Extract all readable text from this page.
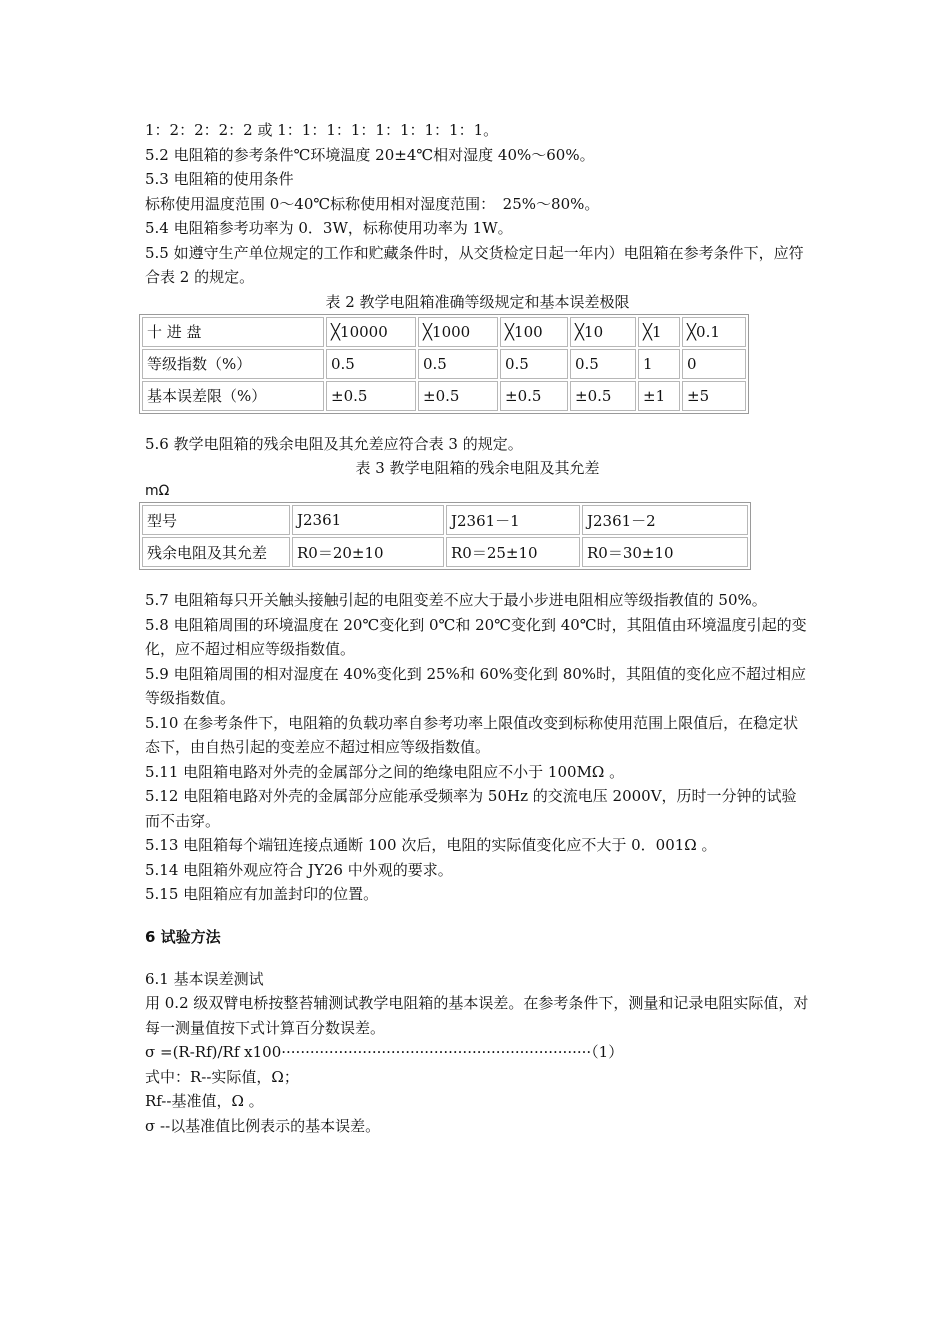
1：2：2：2：2 或 1：1：1：1：1：1：1：1：1。
5.2 电阻箱的参考条件℃环境温度 20±4℃相对湿度 40%～60%。
5.3 电阻箱的使用条件
标称使用温度范围 0～40℃标称使用相对湿度范围：　25%～80%。
5.4 电阻箱参考功率为 0．3W，标称使用功率为 1W。
5.5 如遵守生产单位规定的工作和贮藏条件时，从交货检定日起一年内）电阻箱在参考条件下，应符合表 2 的规定。
表 2 教学电阻箱准确等级规定和基本误差极限
十 进 盘	╳10000	╳1000	╳100	╳10	╳1	╳0.1
等级指数（%）	0.5	0.5	0.5	0.5	1	0
基本误差限（%）	±0.5	±0.5	±0.5	±0.5	±1	±5
5.6 教学电阻箱的残余电阻及其允差应符合表 3 的规定。
表 3 教学电阻箱的残余电阻及其允差
mΩ
型号	J2361	J2361－1	J2361－2
残余电阻及其允差	R0＝20±10	R0＝25±10	R0＝30±10
5.7 电阻箱每只开关触头接触引起的电阻变差不应大于最小步进电阻相应等级指教值的 50%。
5.8 电阻箱周围的环境温度在 20℃变化到 0℃和 20℃变化到 40℃时，其阻值由环境温度引起的变化，应不超过相应等级指数值。
5.9 电阻箱周围的相对湿度在 40%变化到 25%和 60%变化到 80%时，其阻值的变化应不超过相应等级指数值。
5.10 在参考条件下，电阻箱的负载功率自参考功率上限值改变到标称使用范围上限值后，在稳定状态下，由自热引起的变差应不超过相应等级指数值。
5.11 电阻箱电路对外壳的金属部分之间的绝缘电阻应不小于 100MΩ 。
5.12 电阻箱电路对外壳的金属部分应能承受频率为 50Hz 的交流电压 2000V，历时一分钟的试验而不击穿。
5.13 电阻箱每个端钮连接点通断 100 次后，电阻的实际值变化应不大于 0．001Ω 。
5.14 电阻箱外观应符合 JY26 中外观的要求。
5.15 电阻箱应有加盖封印的位置。
6 试验方法
6.1 基本误差测试
用 0.2 级双臂电桥按整苔辅测试教学电阻箱的基本误差。在参考条件下，测量和记录电阻实际值，对每一测量值按下式计算百分数误差。
σ =(R-Rf)/Rf x100·································································（1）
式中：R--实际值，Ω；
Rf--基准值，Ω 。
σ --以基准值比例表示的基本误差。
